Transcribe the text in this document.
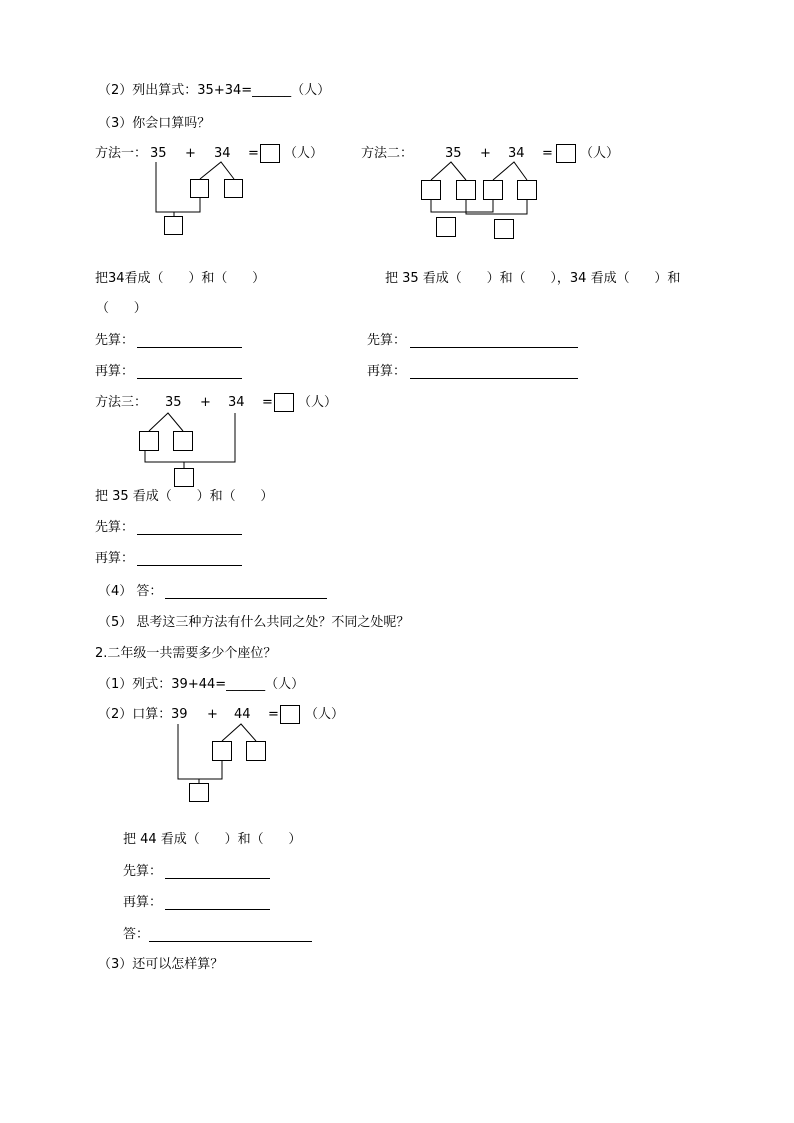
（2）列出算式：35+34=______（人）
（3）你会口算吗？
方法一： 35 + 34 = （人）	方法二： 35 + 34 = （人）
把34看成（      ）和（      ）	把 35 看成（      ）和（      ），34 看成（      ）和
（      ）
先算：	先算：
再算：	再算：
方法三： 35 + 34 = （人）
把 35 看成（      ）和（      ）
先算：
再算：
（4） 答：
（5） 思考这三种方法有什么共同之处？不同之处呢？
2.二年级一共需要多少个座位？
（1）列式：39+44=______（人）
（2）口算： 39 + 44 = （人）
把 44 看成（      ）和（      ）
先算：
再算：
答：
（3）还可以怎样算？
